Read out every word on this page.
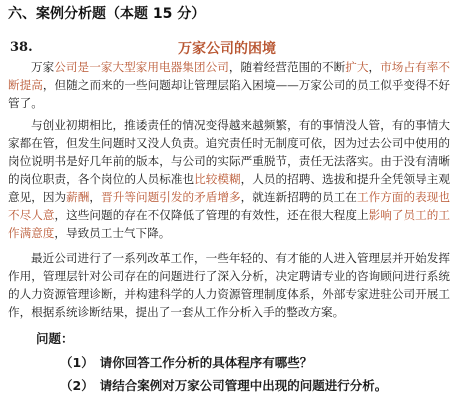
六、案例分析题（本题 15 分）
38.	万家公司的困境

万家公司是一家大型家用电器集团公司，随着经营范围的不断扩大，市场占有率不断提高，但随之而来的一些问题却让管理层陷入困境——万家公司的员工似乎变得不好管了。

与创业初期相比，推诿责任的情况变得越来越频繁，有的事情没人管，有的事情大家都在管，但发生问题时又没人负责。追究责任时无制度可依，因为过去公司中使用的岗位说明书是好几年前的版本，与公司的实际严重脱节，责任无法落实。由于没有清晰的岗位职责，各个岗位的人员标准也比较模糊，人员的招聘、选拔和提升全凭领导主观意见，因为薪酬，晋升等问题引发的矛盾增多，就连新招聘的员工在工作方面的表现也不尽人意，这些问题的存在不仅降低了管理的有效性，还在很大程度上影响了员工的工作满意度，导致员工士气下降。

最近公司进行了一系列改革工作，一些年轻的、有才能的人进入管理层并开始发挥作用，管理层针对公司存在的问题进行了深入分析，决定聘请专业的咨询顾问进行系统的人力资源管理诊断，并构建科学的人力资源管理制度体系，外部专家进驻公司开展工作，根据系统诊断结果，提出了一套从工作分析入手的整改方案。

问题：
（1） 请你回答工作分析的具体程序有哪些？
（2） 请结合案例对万家公司管理中出现的问题进行分析。
